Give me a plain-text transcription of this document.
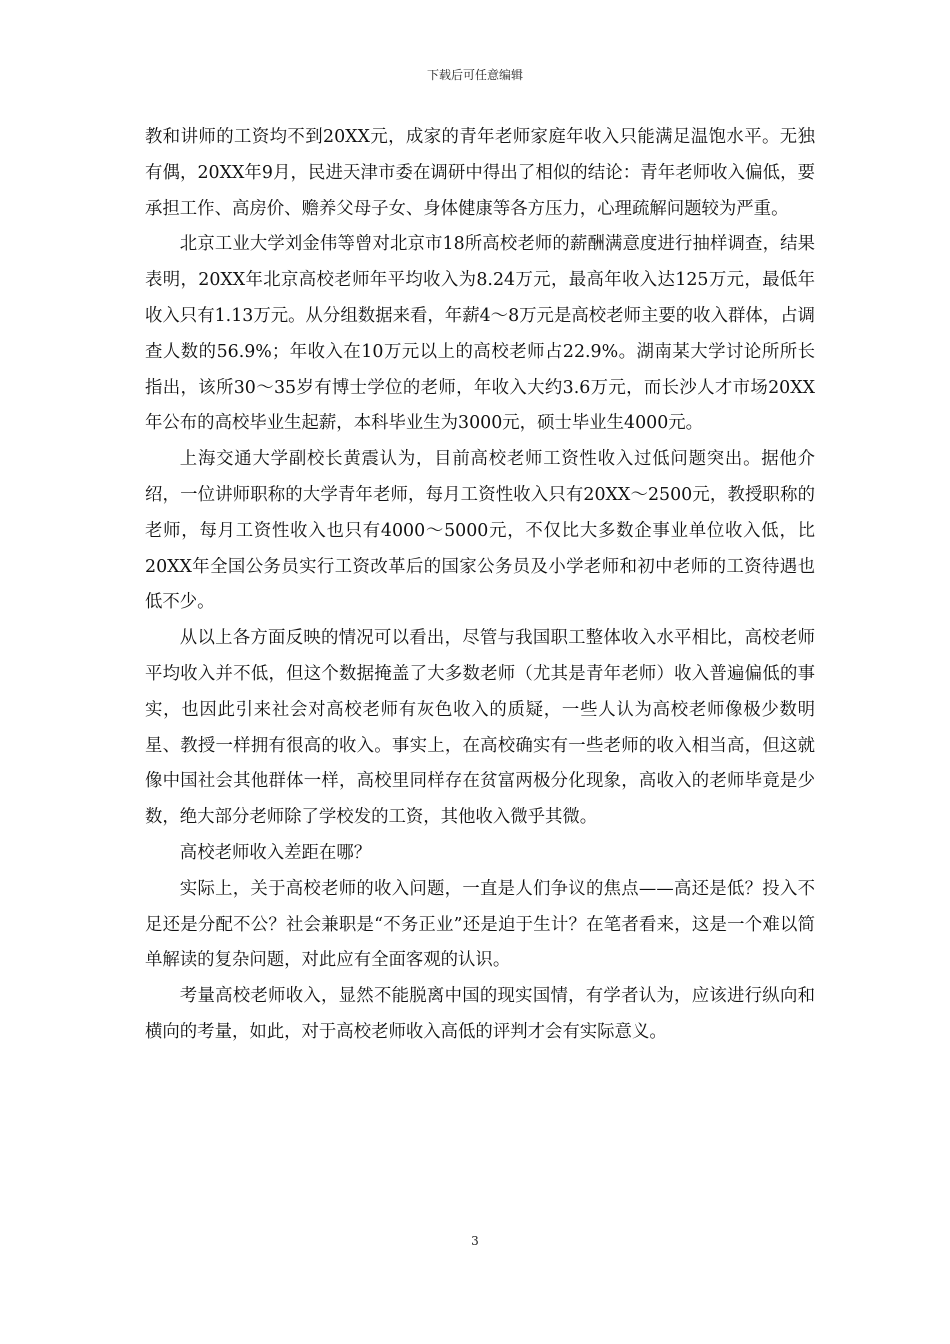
下载后可任意编辑

教和讲师的工资均不到20XX元，成家的青年老师家庭年收入只能满足温饱水平。无独有偶，20XX年9月，民进天津市委在调研中得出了相似的结论：青年老师收入偏低，要承担工作、高房价、赡养父母子女、身体健康等各方压力，心理疏解问题较为严重。

北京工业大学刘金伟等曾对北京市18所高校老师的薪酬满意度进行抽样调查，结果表明，20XX年北京高校老师年平均收入为8.24万元，最高年收入达125万元，最低年收入只有1.13万元。从分组数据来看，年薪4～8万元是高校老师主要的收入群体，占调查人数的56.9%；年收入在10万元以上的高校老师占22.9%。湖南某大学讨论所所长指出，该所30～35岁有博士学位的老师，年收入大约3.6万元，而长沙人才市场20XX年公布的高校毕业生起薪，本科毕业生为3000元，硕士毕业生4000元。

上海交通大学副校长黄震认为，目前高校老师工资性收入过低问题突出。据他介绍，一位讲师职称的大学青年老师，每月工资性收入只有20XX～2500元，教授职称的老师，每月工资性收入也只有4000～5000元，不仅比大多数企事业单位收入低，比20XX年全国公务员实行工资改革后的国家公务员及小学老师和初中老师的工资待遇也低不少。

从以上各方面反映的情况可以看出，尽管与我国职工整体收入水平相比，高校老师平均收入并不低，但这个数据掩盖了大多数老师（尤其是青年老师）收入普遍偏低的事实，也因此引来社会对高校老师有灰色收入的质疑，一些人认为高校老师像极少数明星、教授一样拥有很高的收入。事实上，在高校确实有一些老师的收入相当高，但这就像中国社会其他群体一样，高校里同样存在贫富两极分化现象，高收入的老师毕竟是少数，绝大部分老师除了学校发的工资，其他收入微乎其微。

高校老师收入差距在哪？

实际上，关于高校老师的收入问题，一直是人们争议的焦点——高还是低？投入不足还是分配不公？社会兼职是“不务正业”还是迫于生计？在笔者看来，这是一个难以简单解读的复杂问题，对此应有全面客观的认识。

考量高校老师收入，显然不能脱离中国的现实国情，有学者认为，应该进行纵向和横向的考量，如此，对于高校老师收入高低的评判才会有实际意义。

3
